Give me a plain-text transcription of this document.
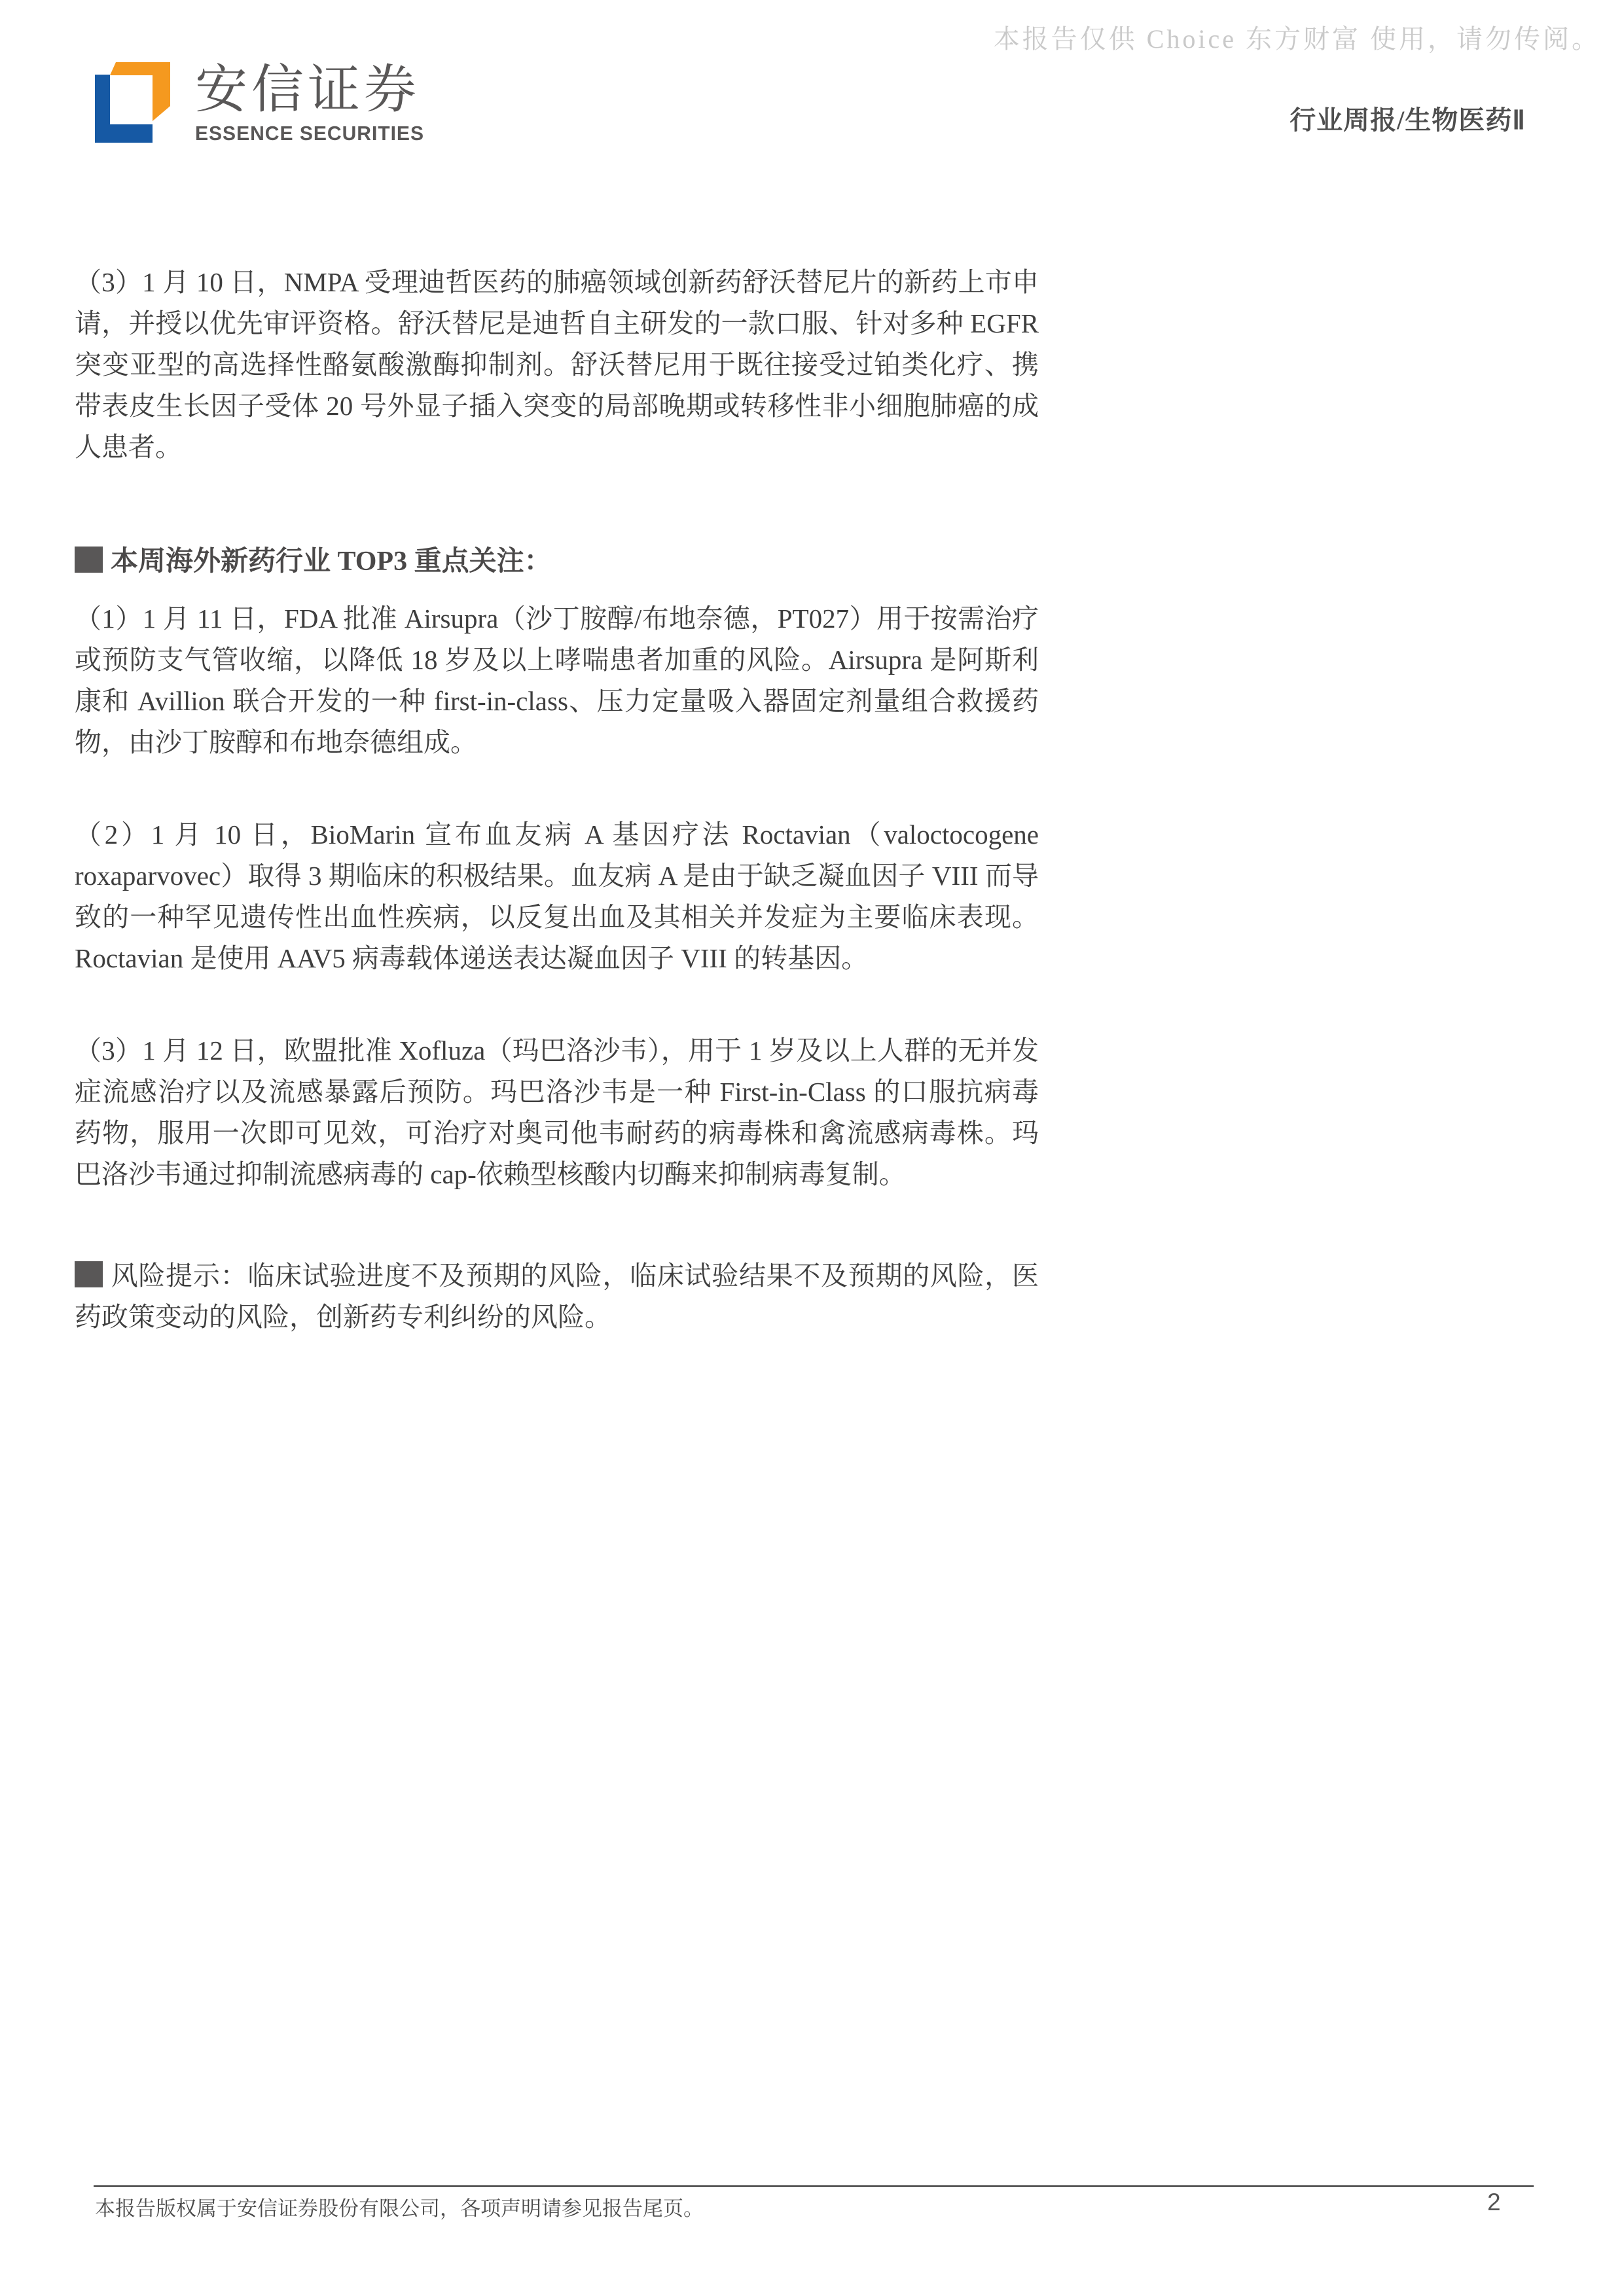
本报告仅供 Choice 东方财富 使用，请勿传阅。
安信证券
ESSENCE SECURITIES	行业周报/生物医药Ⅱ

（3）1 月 10 日，NMPA 受理迪哲医药的肺癌领域创新药舒沃替尼片的新药上市申请，并授以优先审评资格。舒沃替尼是迪哲自主研发的一款口服、针对多种 EGFR 突变亚型的高选择性酪氨酸激酶抑制剂。舒沃替尼用于既往接受过铂类化疗、携带表皮生长因子受体 20 号外显子插入突变的局部晚期或转移性非小细胞肺癌的成人患者。

本周海外新药行业 TOP3 重点关注：

（1）1 月 11 日，FDA 批准 Airsupra（沙丁胺醇/布地奈德，PT027）用于按需治疗或预防支气管收缩，以降低 18 岁及以上哮喘患者加重的风险。Airsupra 是阿斯利康和 Avillion 联合开发的一种 first-in-class、压力定量吸入器固定剂量组合救援药物，由沙丁胺醇和布地奈德组成。

（2）1 月 10 日，BioMarin 宣布血友病 A 基因疗法 Roctavian（valoctocogene roxaparvovec）取得 3 期临床的积极结果。血友病 A 是由于缺乏凝血因子 VIII 而导致的一种罕见遗传性出血性疾病，以反复出血及其相关并发症为主要临床表现。Roctavian 是使用 AAV5 病毒载体递送表达凝血因子 VIII 的转基因。

（3）1 月 12 日，欧盟批准 Xofluza（玛巴洛沙韦），用于 1 岁及以上人群的无并发症流感治疗以及流感暴露后预防。玛巴洛沙韦是一种 First-in-Class 的口服抗病毒药物，服用一次即可见效，可治疗对奥司他韦耐药的病毒株和禽流感病毒株。玛巴洛沙韦通过抑制流感病毒的 cap-依赖型核酸内切酶来抑制病毒复制。

风险提示：临床试验进度不及预期的风险，临床试验结果不及预期的风险，医药政策变动的风险，创新药专利纠纷的风险。
本报告版权属于安信证券股份有限公司，各项声明请参见报告尾页。	2
